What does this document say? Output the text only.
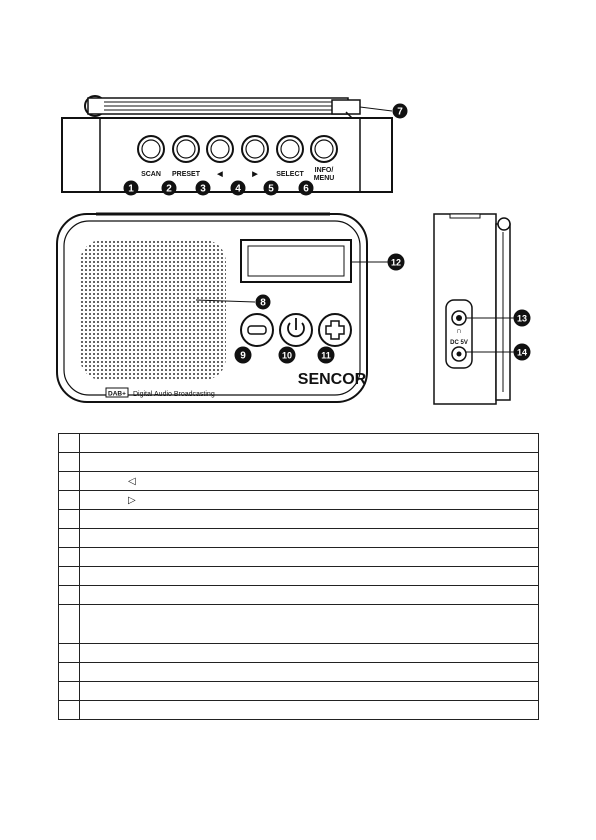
SCAN PRESET ◀	▶	SELECT
INFO/
MENU
1	2	3	4	5	6
7
SENCOR
DAB+ Digital Audio Broadcasting
8
9	10	11
12
∩
DC 5V
13
14

	◁
	▷
